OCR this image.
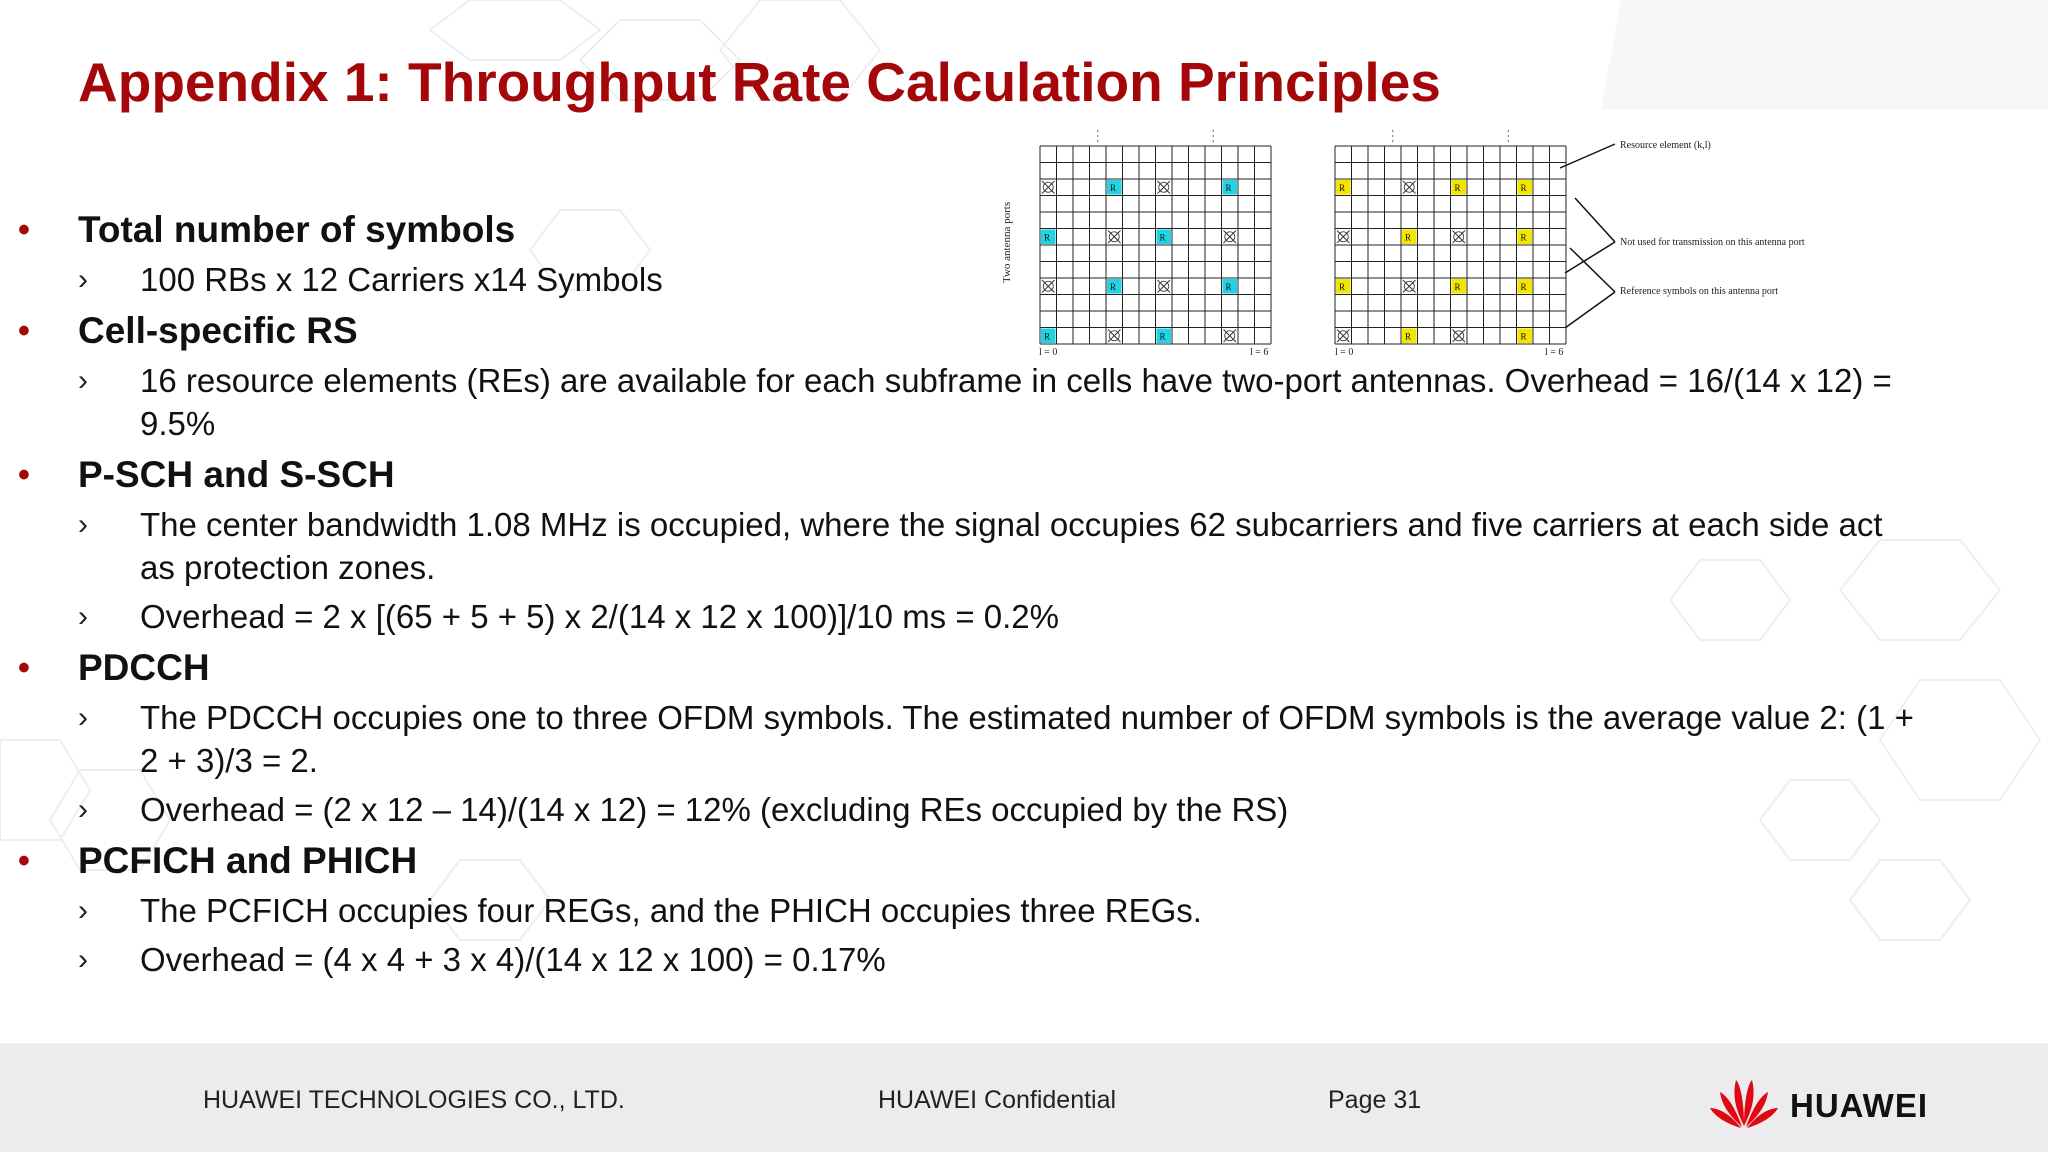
Appendix 1: Throughput Rate Calculation Principles
Two antenna ports
R	R
R	R
R	R
R	R
R	R	R
R	R
R	R	R
R	R
Resource element (k,l)
Not used for transmission on this antenna port
Reference symbols on this antenna port
l = 0	l = 6	l = 0	l = 6
• Total number of symbols
› 100 RBs x 12 Carriers x14 Symbols
• Cell-specific RS
› 16 resource elements (REs) are available for each subframe in cells have two-port antennas. Overhead = 16/(14 x 12) = 9.5%
• P-SCH and S-SCH
› The center bandwidth 1.08 MHz is occupied, where the signal occupies 62 subcarriers and five carriers at each side act as protection zones.
› Overhead = 2 x [(65 + 5 + 5) x 2/(14 x 12 x 100)]/10 ms = 0.2%
• PDCCH
› The PDCCH occupies one to three OFDM symbols. The estimated number of OFDM symbols is the average value 2: (1 + 2 + 3)/3 = 2.
› Overhead = (2 x 12 – 14)/(14 x 12) = 12% (excluding REs occupied by the RS)
• PCFICH and PHICH
› The PCFICH occupies four REGs, and the PHICH occupies three REGs.
› Overhead = (4 x 4 + 3 x 4)/(14 x 12 x 100) = 0.17%
HUAWEI TECHNOLOGIES CO., LTD.	HUAWEI Confidential	Page 31	HUAWEI
